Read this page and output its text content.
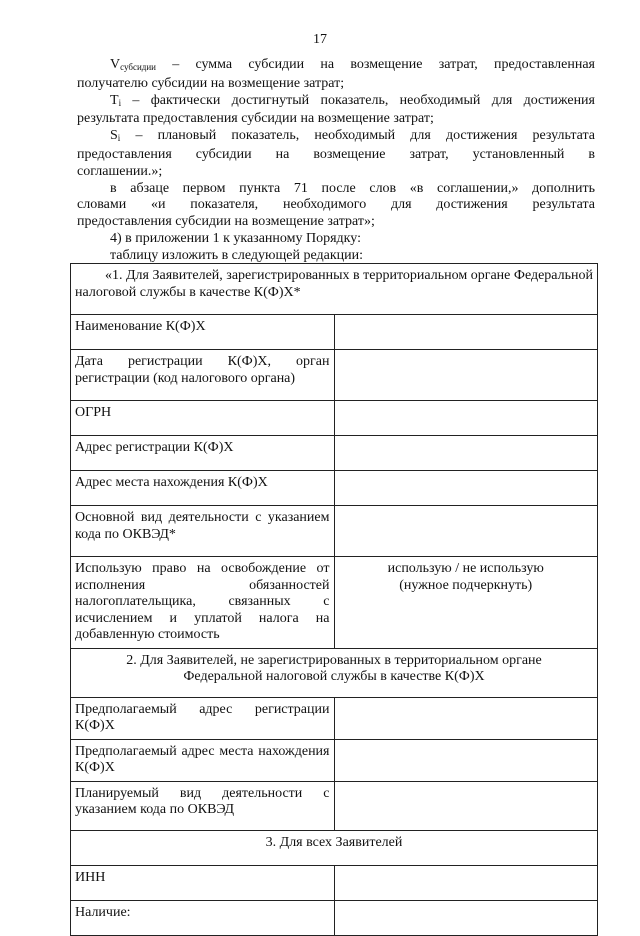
17

$V_{субсидии}$ – сумма субсидии на возмещение затрат, предоставленная

получателю субсидии на возмещение затрат;

$T_i$ – фактически достигнутый показатель, необходимый для достижения

результата предоставления субсидии на возмещение затрат;

$S_i$ – плановый показатель, необходимый для достижения результата

предоставления субсидии на возмещение затрат, установленный в

соглашении.»;

в абзаце первом пункта 71 после слов «в соглашении,» дополнить

словами «и показателя, необходимого для достижения результата

предоставления субсидии на возмещение затрат»;

4) в приложении 1 к указанному Порядку:

таблицу изложить в следующей редакции:

«1. Для Заявителей, зарегистрированных в территориальном органе Федеральной налоговой службы в качестве К(Ф)Х*	
Наименование К(Ф)Х	
Дата регистрации К(Ф)Х, орган регистрации (код налогового органа)	
ОГРН	
Адрес регистрации К(Ф)Х	
Адрес места нахождения К(Ф)Х	
Основной вид деятельности с указанием кода по ОКВЭД*	
Использую право на освобождение от исполнения обязанностей налогоплательщика, связанных с исчислением и уплатой налога на добавленную стоимость	использую / не использую
(нужное подчеркнуть)

2. Для Заявителей, не зарегистрированных в территориальном органе
Федеральной налоговой службы в качестве К(Ф)Х	

Предполагаемый адрес регистрации К(Ф)Х	
Предполагаемый адрес места нахождения К(Ф)Х	
Планируемый вид деятельности с указанием кода по ОКВЭД	
3. Для всех Заявителей	
ИНН	
Наличие:	
